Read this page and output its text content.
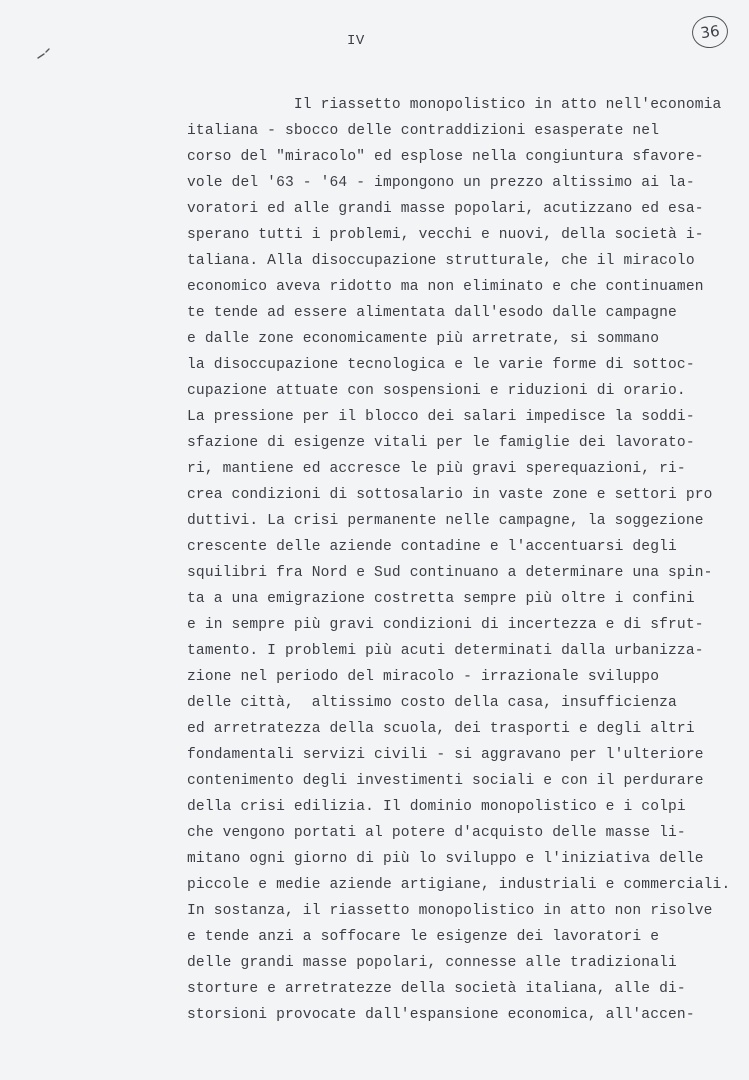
IV	36
Il riassetto monopolistico in atto nell'economia
italiana - sbocco delle contraddizioni esasperate nel
corso del "miracolo" ed esplose nella congiuntura sfavore-
vole del '63 - '64 - impongono un prezzo altissimo ai la-
voratori ed alle grandi masse popolari, acutizzano ed esa-
sperano tutti i problemi, vecchi e nuovi, della società i-
taliana. Alla disoccupazione strutturale, che il miracolo
economico aveva ridotto ma non eliminato e che continuamen
te tende ad essere alimentata dall'esodo dalle campagne
e dalle zone economicamente più arretrate, si sommano
la disoccupazione tecnologica e le varie forme di sottoc-
cupazione attuate con sospensioni e riduzioni di orario.
La pressione per il blocco dei salari impedisce la soddi-
sfazione di esigenze vitali per le famiglie dei lavorato-
ri, mantiene ed accresce le più gravi sperequazioni, ri-
crea condizioni di sottosalario in vaste zone e settori pro
duttivi. La crisi permanente nelle campagne, la soggezione
crescente delle aziende contadine e l'accentuarsi degli
squilibri fra Nord e Sud continuano a determinare una spin-
ta a una emigrazione costretta sempre più oltre i confini
e in sempre più gravi condizioni di incertezza e di sfrut-
tamento. I problemi più acuti determinati dalla urbanizza-
zione nel periodo del miracolo - irrazionale sviluppo
delle città,  altissimo costo della casa, insufficienza
ed arretratezza della scuola, dei trasporti e degli altri
fondamentali servizi civili - si aggravano per l'ulteriore
contenimento degli investimenti sociali e con il perdurare
della crisi edilizia. Il dominio monopolistico e i colpi
che vengono portati al potere d'acquisto delle masse li-
mitano ogni giorno di più lo sviluppo e l'iniziativa delle
piccole e medie aziende artigiane, industriali e commerciali.
In sostanza, il riassetto monopolistico in atto non risolve
e tende anzi a soffocare le esigenze dei lavoratori e
delle grandi masse popolari, connesse alle tradizionali
storture e arretratezze della società italiana, alle di-
storsioni provocate dall'espansione economica, all'accen-
